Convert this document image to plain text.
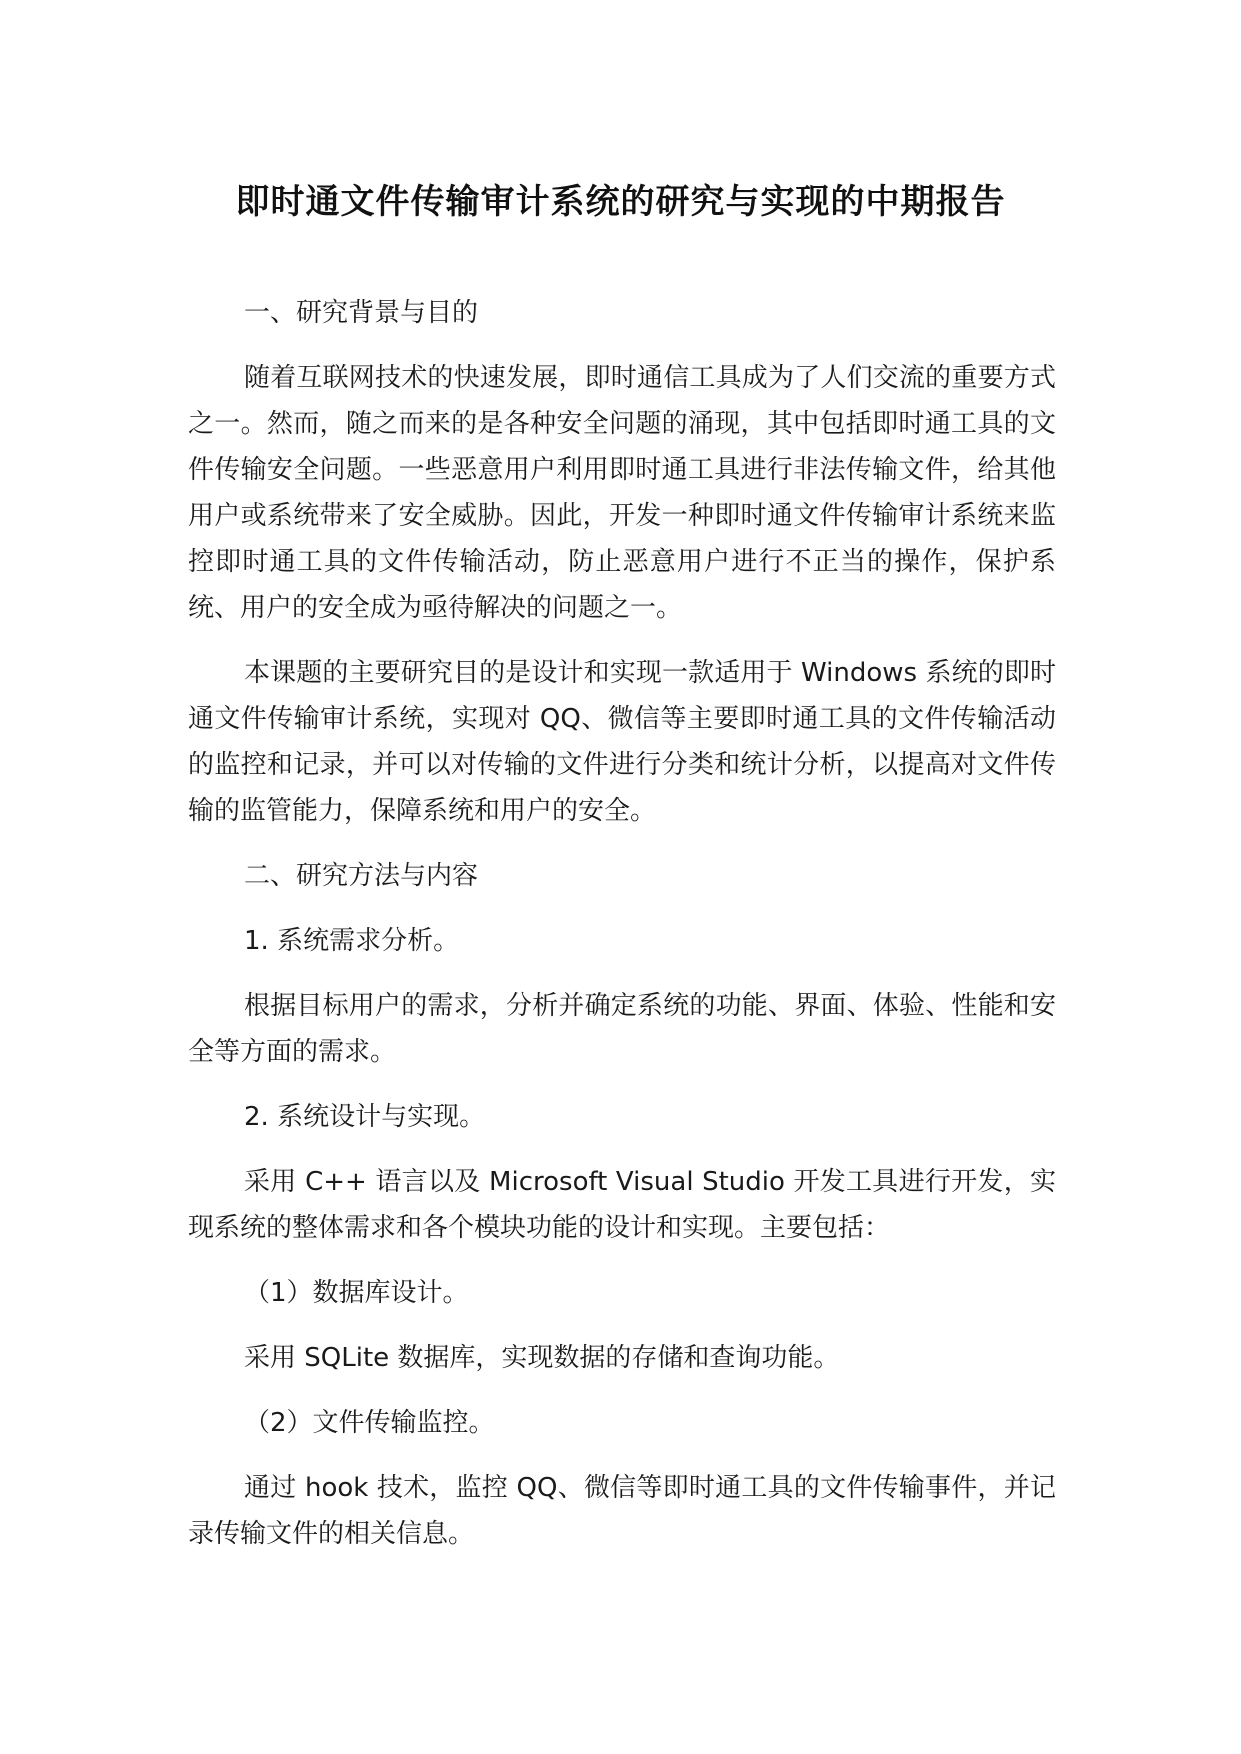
即时通文件传输审计系统的研究与实现的中期报告

一、研究背景与目的

随着互联网技术的快速发展，即时通信工具成为了人们交流的重要方式之一。然而，随之而来的是各种安全问题的涌现，其中包括即时通工具的文件传输安全问题。一些恶意用户利用即时通工具进行非法传输文件，给其他用户或系统带来了安全威胁。因此，开发一种即时通文件传输审计系统来监控即时通工具的文件传输活动，防止恶意用户进行不正当的操作，保护系统、用户的安全成为亟待解决的问题之一。

本课题的主要研究目的是设计和实现一款适用于 Windows 系统的即时通文件传输审计系统，实现对 QQ、微信等主要即时通工具的文件传输活动的监控和记录，并可以对传输的文件进行分类和统计分析，以提高对文件传输的监管能力，保障系统和用户的安全。

二、研究方法与内容

1. 系统需求分析。

根据目标用户的需求，分析并确定系统的功能、界面、体验、性能和安全等方面的需求。

2. 系统设计与实现。

采用 C++ 语言以及 Microsoft Visual Studio 开发工具进行开发，实现系统的整体需求和各个模块功能的设计和实现。主要包括：

（1）数据库设计。

采用 SQLite 数据库，实现数据的存储和查询功能。

（2）文件传输监控。

通过 hook 技术，监控 QQ、微信等即时通工具的文件传输事件，并记录传输文件的相关信息。
